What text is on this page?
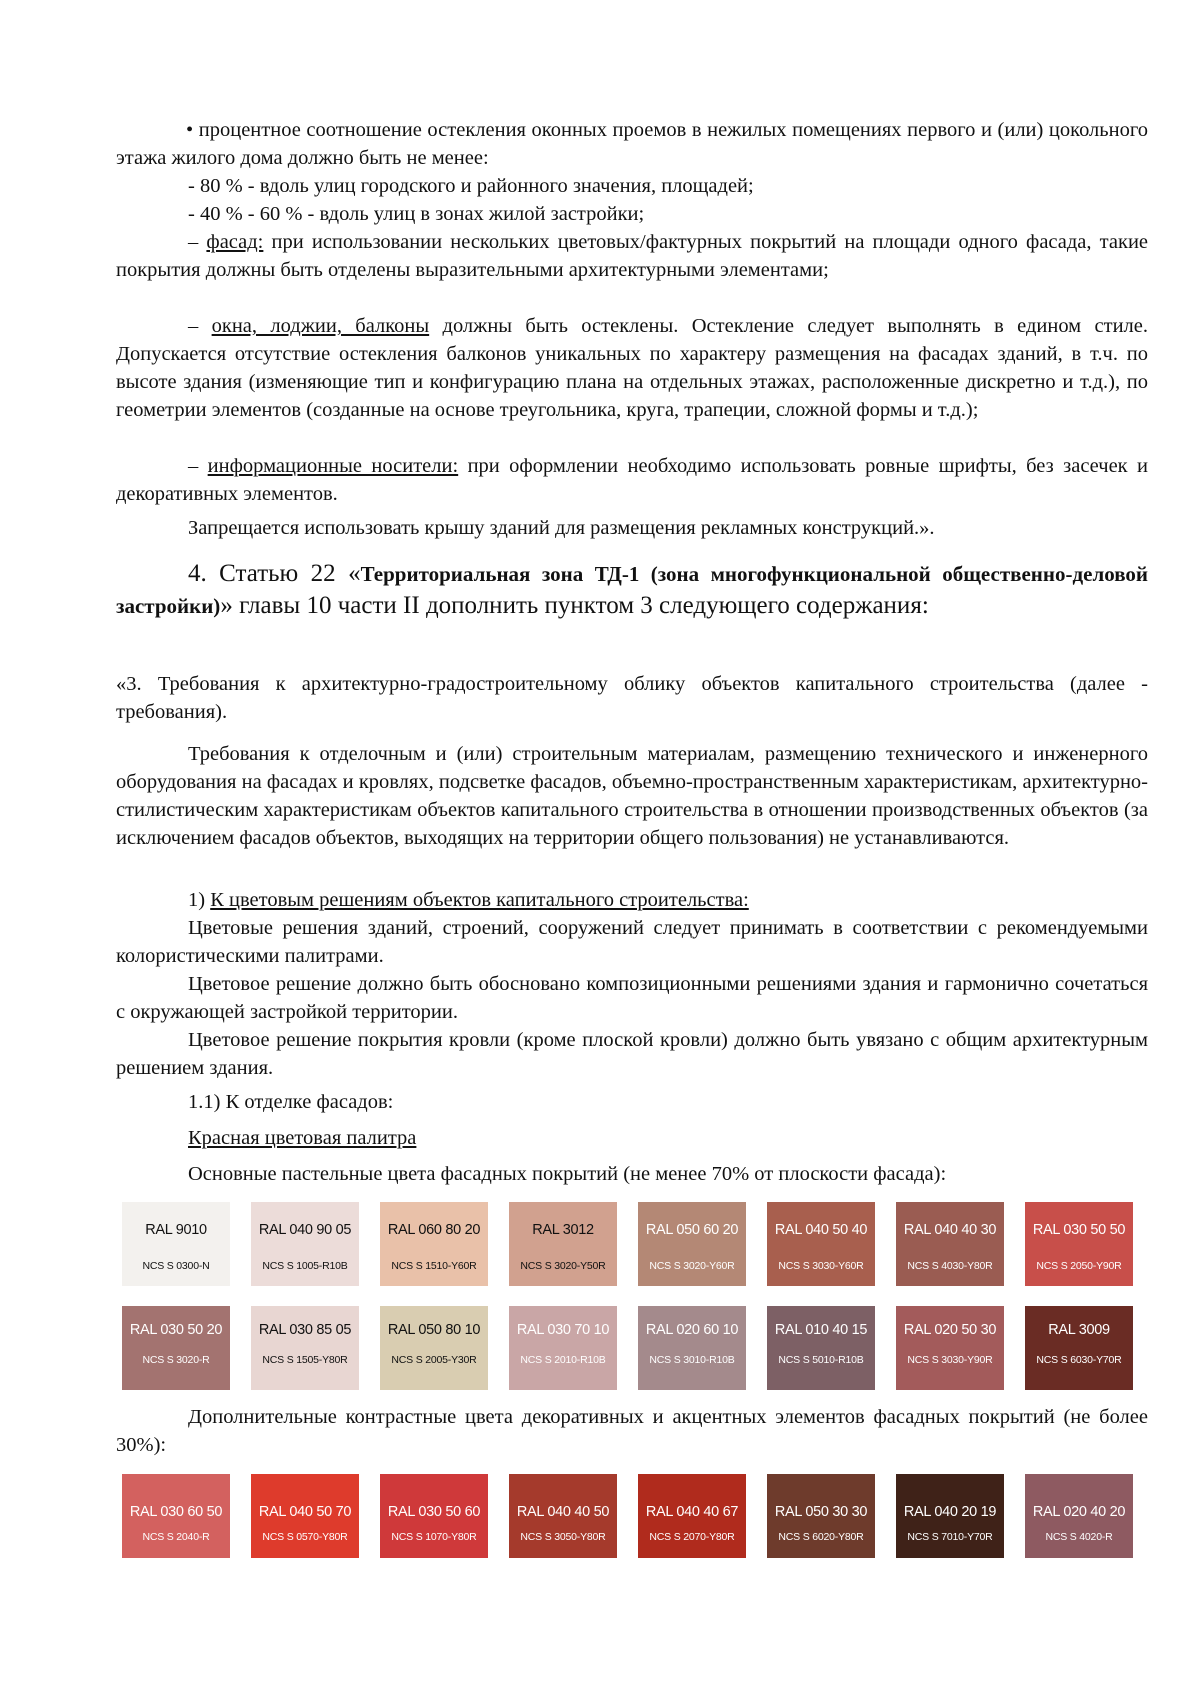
• процентное соотношение остекления оконных проемов в нежилых помещениях первого и (или) цокольного этажа жилого дома должно быть не менее:

- 80 % - вдоль улиц городского и районного значения, площадей;

- 40 % - 60 % - вдоль улиц в зонах жилой застройки;

– фасад: при использовании нескольких цветовых/фактурных покрытий на площади одного фасада, такие покрытия должны быть отделены выразительными архитектурными элементами;

– окна, лоджии, балконы должны быть остеклены. Остекление следует выполнять в едином стиле. Допускается отсутствие остекления балконов уникальных по характеру размещения на фасадах зданий, в т.ч. по высоте здания (изменяющие тип и конфигурацию плана на отдельных этажах, расположенные дискретно и т.д.), по геометрии элементов (созданные на основе треугольника, круга, трапеции, сложной формы и т.д.);

– информационные носители: при оформлении необходимо использовать ровные шрифты, без засечек и декоративных элементов.

Запрещается использовать крышу зданий для размещения рекламных конструкций.».

4. Статью 22 «Территориальная зона ТД-1 (зона многофункциональной общественно-деловой застройки)» главы 10 части II дополнить пунктом 3 следующего содержания:

«3. Требования к архитектурно-градостроительному облику объектов капитального строительства (далее - требования).

Требования к отделочным и (или) строительным материалам, размещению технического и инженерного оборудования на фасадах и кровлях, подсветке фасадов, объемно-пространственным характеристикам, архитектурно-стилистическим характеристикам объектов капитального строительства в отношении производственных объектов (за исключением фасадов объектов, выходящих на территории общего пользования) не устанавливаются.

1) К цветовым решениям объектов капитального строительства:

Цветовые решения зданий, строений, сооружений следует принимать в соответствии с рекомендуемыми колористическими палитрами.

Цветовое решение должно быть обосновано композиционными решениями здания и гармонично сочетаться с окружающей застройкой территории.

Цветовое решение покрытия кровли (кроме плоской кровли) должно быть увязано с общим архитектурным решением здания.

1.1) К отделке фасадов:

Красная цветовая палитра

Основные пастельные цвета фасадных покрытий (не менее 70% от плоскости фасада):

RAL 9010
NCS S 0300-N
RAL 040 90 05
NCS S 1005-R10B
RAL 060 80 20
NCS S 1510-Y60R
RAL 3012
NCS S 3020-Y50R
RAL 050 60 20
NCS S 3020-Y60R
RAL 040 50 40
NCS S 3030-Y60R
RAL 040 40 30
NCS S 4030-Y80R
RAL 030 50 50
NCS S 2050-Y90R
RAL 030 50 20
NCS S 3020-R
RAL 030 85 05
NCS S 1505-Y80R
RAL 050 80 10
NCS S 2005-Y30R
RAL 030 70 10
NCS S 2010-R10B
RAL 020 60 10
NCS S 3010-R10B
RAL 010 40 15
NCS S 5010-R10B
RAL 020 50 30
NCS S 3030-Y90R
RAL 3009
NCS S 6030-Y70R

Дополнительные контрастные цвета декоративных и акцентных элементов фасадных покрытий (не более 30%):

RAL 030 60 50
NCS S 2040-R
RAL 040 50 70
NCS S 0570-Y80R
RAL 030 50 60
NCS S 1070-Y80R
RAL 040 40 50
NCS S 3050-Y80R
RAL 040 40 67
NCS S 2070-Y80R
RAL 050 30 30
NCS S 6020-Y80R
RAL 040 20 19
NCS S 7010-Y70R
RAL 020 40 20
NCS S 4020-R
